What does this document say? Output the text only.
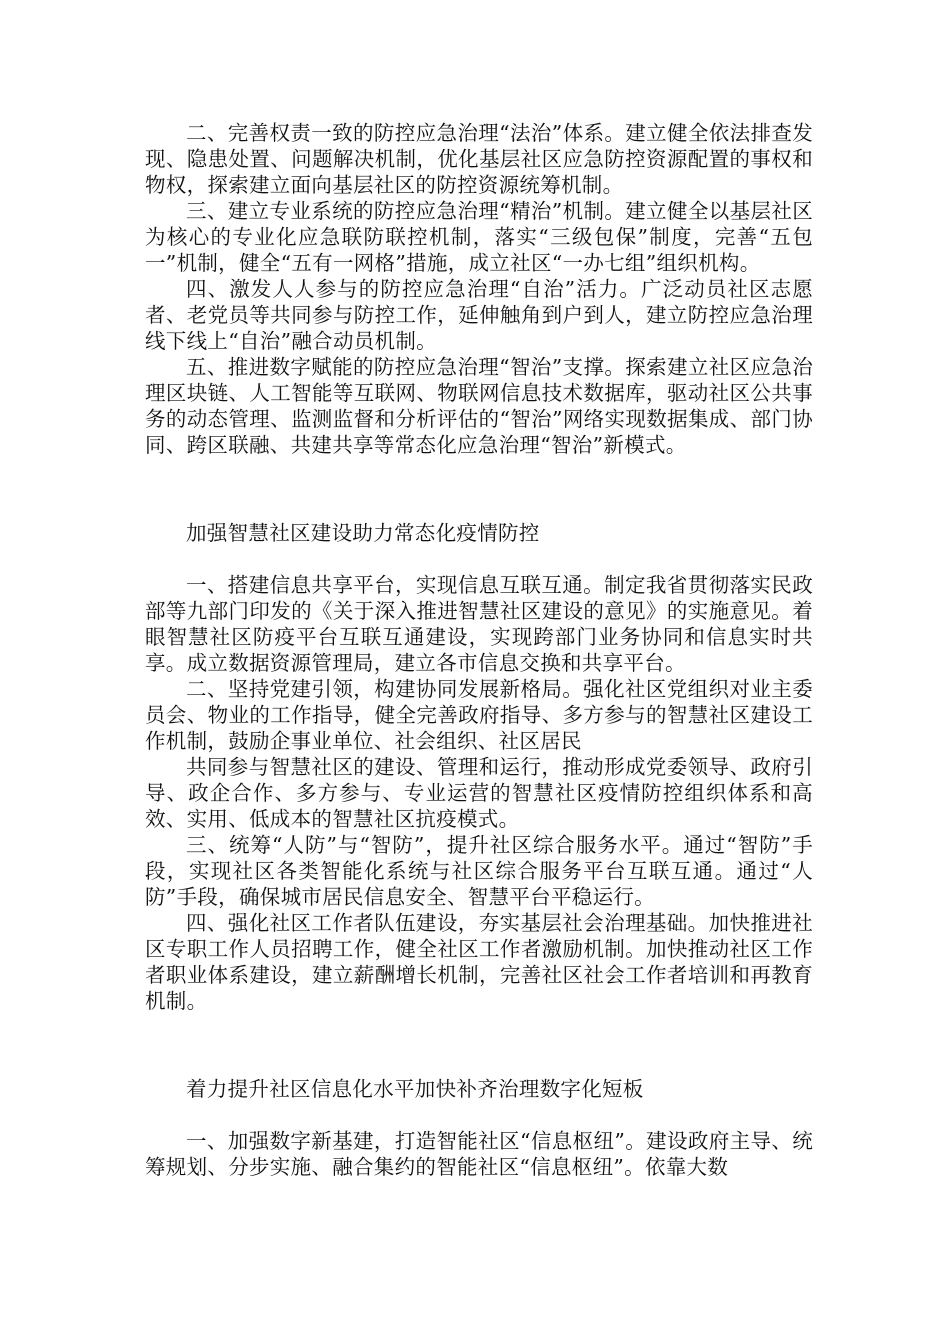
二、完善权责一致的防控应急治理“法治”体系。建立健全依法排查发现、隐患处置、问题解决机制，优化基层社区应急防控资源配置的事权和物权，探索建立面向基层社区的防控资源统筹机制。

三、建立专业系统的防控应急治理“精治”机制。建立健全以基层社区为核心的专业化应急联防联控机制，落实“三级包保”制度，完善“五包一”机制，健全“五有一网格”措施，成立社区“一办七组”组织机构。

四、激发人人参与的防控应急治理“自治”活力。广泛动员社区志愿者、老党员等共同参与防控工作，延伸触角到户到人，建立防控应急治理线下线上“自治”融合动员机制。

五、推进数字赋能的防控应急治理“智治”支撑。探索建立社区应急治理区块链、人工智能等互联网、物联网信息技术数据库，驱动社区公共事务的动态管理、监测监督和分析评估的“智治”网络实现数据集成、部门协同、跨区联融、共建共享等常态化应急治理“智治”新模式。

加强智慧社区建设助力常态化疫情防控

一、搭建信息共享平台，实现信息互联互通。制定我省贯彻落实民政部等九部门印发的《关于深入推进智慧社区建设的意见》的实施意见。着眼智慧社区防疫平台互联互通建设，实现跨部门业务协同和信息实时共享。成立数据资源管理局，建立各市信息交换和共享平台。

二、坚持党建引领，构建协同发展新格局。强化社区党组织对业主委员会、物业的工作指导，健全完善政府指导、多方参与的智慧社区建设工作机制，鼓励企事业单位、社会组织、社区居民

共同参与智慧社区的建设、管理和运行，推动形成党委领导、政府引导、政企合作、多方参与、专业运营的智慧社区疫情防控组织体系和高效、实用、低成本的智慧社区抗疫模式。

三、统筹“人防”与“智防”，提升社区综合服务水平。通过“智防”手段，实现社区各类智能化系统与社区综合服务平台互联互通。通过“人防”手段，确保城市居民信息安全、智慧平台平稳运行。

四、强化社区工作者队伍建设，夯实基层社会治理基础。加快推进社区专职工作人员招聘工作，健全社区工作者激励机制。加快推动社区工作者职业体系建设，建立薪酬增长机制，完善社区社会工作者培训和再教育机制。

着力提升社区信息化水平加快补齐治理数字化短板

一、加强数字新基建，打造智能社区“信息枢纽”。建设政府主导、统筹规划、分步实施、融合集约的智能社区“信息枢纽”。依靠大数
